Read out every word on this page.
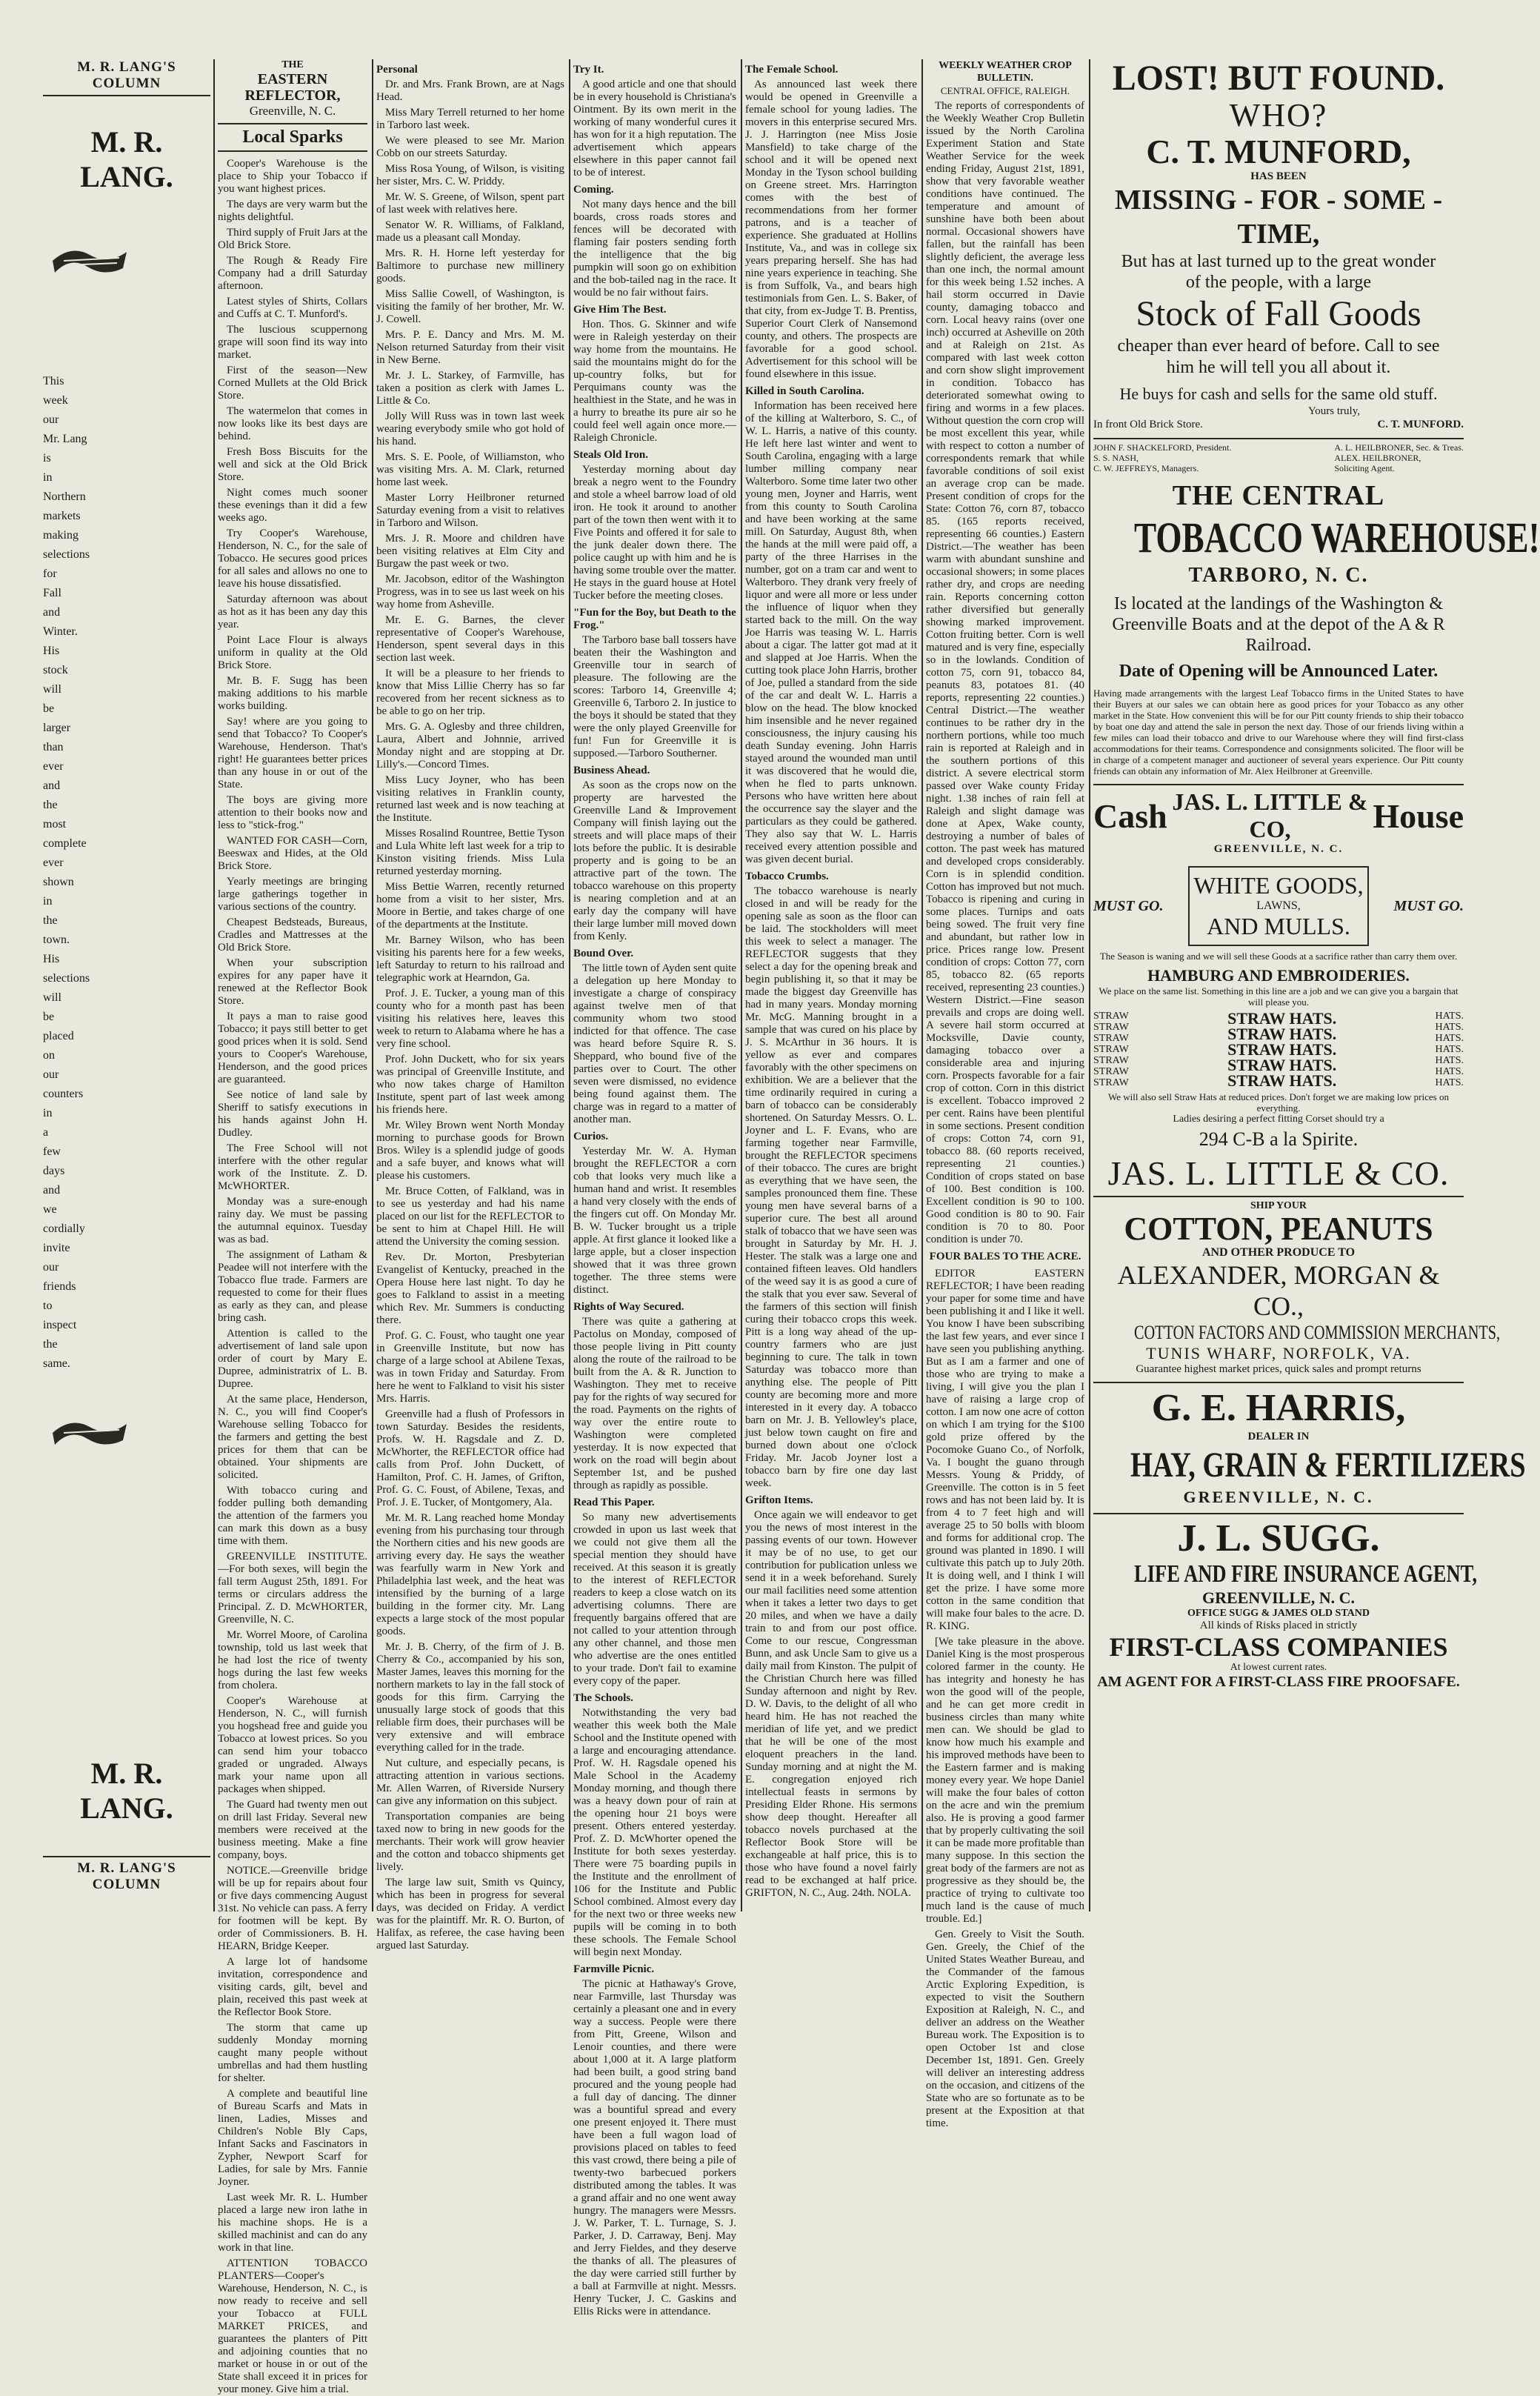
M. R. LANG'S COLUMN
M. R. LANG.
This
week
our
Mr. Lang
is
in
Northern
markets
making
selections
for
Fall
and
Winter.
His
stock
will
be
larger
than
ever
and
the
most
complete
ever
shown
in
the
town.
His
selections
will
be
placed
on
our
counters
in
a
few
days
and
we
cordially
invite
our
friends
to
inspect
the
same.
M. R. LANG.
M. R. LANG'S COLUMN
THE
EASTERN REFLECTOR,
Greenville, N. C.
Local Sparks

Cooper's Warehouse is the place to Ship your Tobacco if you want highest prices.

The days are very warm but the nights delightful.

Third supply of Fruit Jars at the Old Brick Store.

The Rough & Ready Fire Company had a drill Saturday afternoon.

Latest styles of Shirts, Collars and Cuffs at C. T. Munford's.

The luscious scuppernong grape will soon find its way into market.

First of the season—New Corned Mullets at the Old Brick Store.

The watermelon that comes in now looks like its best days are behind.

Fresh Boss Biscuits for the well and sick at the Old Brick Store.

Night comes much sooner these evenings than it did a few weeks ago.

Try Cooper's Warehouse, Henderson, N. C., for the sale of Tobacco. He secures good prices for all sales and allows no one to leave his house dissatisfied.

Saturday afternoon was about as hot as it has been any day this year.

Point Lace Flour is always uniform in quality at the Old Brick Store.

Mr. B. F. Sugg has been making additions to his marble works building.

Say! where are you going to send that Tobacco? To Cooper's Warehouse, Henderson. That's right! He guarantees better prices than any house in or out of the State.

The boys are giving more attention to their books now and less to "stick-frog."

WANTED FOR CASH—Corn, Beeswax and Hides, at the Old Brick Store.

Yearly meetings are bringing large gatherings together in various sections of the country.

Cheapest Bedsteads, Bureaus, Cradles and Mattresses at the Old Brick Store.

When your subscription expires for any paper have it renewed at the Reflector Book Store.

It pays a man to raise good Tobacco; it pays still better to get good prices when it is sold. Send yours to Cooper's Warehouse, Henderson, and the good prices are guaranteed.

See notice of land sale by Sheriff to satisfy executions in his hands against John H. Dudley.

The Free School will not interfere with the other regular work of the Institute. Z. D. McWHORTER.

Monday was a sure-enough rainy day. We must be passing the autumnal equinox. Tuesday was as bad.

The assignment of Latham & Peadee will not interfere with the Tobacco flue trade. Farmers are requested to come for their flues as early as they can, and please bring cash.

Attention is called to the advertisement of land sale upon order of court by Mary E. Dupree, administratrix of L. B. Dupree.

At the same place, Henderson, N. C., you will find Cooper's Warehouse selling Tobacco for the farmers and getting the best prices for them that can be obtained. Your shipments are solicited.

With tobacco curing and fodder pulling both demanding the attention of the farmers you can mark this down as a busy time with them.

GREENVILLE INSTITUTE.—For both sexes, will begin the fall term August 25th, 1891. For terms or circulars address the Principal. Z. D. McWHORTER, Greenville, N. C.

Mr. Worrel Moore, of Carolina township, told us last week that he had lost the rice of twenty hogs during the last few weeks from cholera.

Cooper's Warehouse at Henderson, N. C., will furnish you hogshead free and guide you Tobacco at lowest prices. So you can send him your tobacco graded or ungraded. Always mark your name upon all packages when shipped.

The Guard had twenty men out on drill last Friday. Several new members were received at the business meeting. Make a fine company, boys.

NOTICE.—Greenville bridge will be up for repairs about four or five days commencing August 31st. No vehicle can pass. A ferry for footmen will be kept. By order of Commissioners. B. H. HEARN, Bridge Keeper.

A large lot of handsome invitation, correspondence and visiting cards, gilt, bevel and plain, received this past week at the Reflector Book Store.

The storm that came up suddenly Monday morning caught many people without umbrellas and had them hustling for shelter.

A complete and beautiful line of Bureau Scarfs and Mats in linen, Ladies, Misses and Children's Noble Bly Caps, Infant Sacks and Fascinators in Zypher, Newport Scarf for Ladies, for sale by Mrs. Fannie Joyner.

Last week Mr. R. L. Humber placed a large new iron lathe in his machine shops. He is a skilled machinist and can do any work in that line.

ATTENTION TOBACCO PLANTERS—Cooper's Warehouse, Henderson, N. C., is now ready to receive and sell your Tobacco at FULL MARKET PRICES, and guarantees the planters of Pitt and adjoining counties that no market or house in or out of the State shall exceed it in prices for your money. Give him a trial.

Personal

Dr. and Mrs. Frank Brown, are at Nags Head.

Miss Mary Terrell returned to her home in Tarboro last week.

We were pleased to see Mr. Marion Cobb on our streets Saturday.

Miss Rosa Young, of Wilson, is visiting her sister, Mrs. C. W. Priddy.

Mr. W. S. Greene, of Wilson, spent part of last week with relatives here.

Senator W. R. Williams, of Falkland, made us a pleasant call Monday.

Mrs. R. H. Horne left yesterday for Baltimore to purchase new millinery goods.

Miss Sallie Cowell, of Washington, is visiting the family of her brother, Mr. W. J. Cowell.

Mrs. P. E. Dancy and Mrs. M. M. Nelson returned Saturday from their visit in New Berne.

Mr. J. L. Starkey, of Farmville, has taken a position as clerk with James L. Little & Co.

Jolly Will Russ was in town last week wearing everybody smile who got hold of his hand.

Mrs. S. E. Poole, of Williamston, who was visiting Mrs. A. M. Clark, returned home last week.

Master Lorry Heilbroner returned Saturday evening from a visit to relatives in Tarboro and Wilson.

Mrs. J. R. Moore and children have been visiting relatives at Elm City and Burgaw the past week or two.

Mr. Jacobson, editor of the Washington Progress, was in to see us last week on his way home from Asheville.

Mr. E. G. Barnes, the clever representative of Cooper's Warehouse, Henderson, spent several days in this section last week.

It will be a pleasure to her friends to know that Miss Lillie Cherry has so far recovered from her recent sickness as to be able to go on her trip.

Mrs. G. A. Oglesby and three children, Laura, Albert and Johnnie, arrived Monday night and are stopping at Dr. Lilly's.—Concord Times.

Miss Lucy Joyner, who has been visiting relatives in Franklin county, returned last week and is now teaching at the Institute.

Misses Rosalind Rountree, Bettie Tyson and Lula White left last week for a trip to Kinston visiting friends. Miss Lula returned yesterday morning.

Miss Bettie Warren, recently returned home from a visit to her sister, Mrs. Moore in Bertie, and takes charge of one of the departments at the Institute.

Mr. Barney Wilson, who has been visiting his parents here for a few weeks, left Saturday to return to his railroad and telegraphic work at Hearndon, Ga.

Prof. J. E. Tucker, a young man of this county who for a month past has been visiting his relatives here, leaves this week to return to Alabama where he has a very fine school.

Prof. John Duckett, who for six years was principal of Greenville Institute, and who now takes charge of Hamilton Institute, spent part of last week among his friends here.

Mr. Wiley Brown went North Monday morning to purchase goods for Brown Bros. Wiley is a splendid judge of goods and a safe buyer, and knows what will please his customers.

Mr. Bruce Cotten, of Falkland, was in to see us yesterday and had his name placed on our list for the REFLECTOR to be sent to him at Chapel Hill. He will attend the University the coming session.

Rev. Dr. Morton, Presbyterian Evangelist of Kentucky, preached in the Opera House here last night. To day he goes to Falkland to assist in a meeting which Rev. Mr. Summers is conducting there.

Prof. G. C. Foust, who taught one year in Greenville Institute, but now has charge of a large school at Abilene Texas, was in town Friday and Saturday. From here he went to Falkland to visit his sister Mrs. Harris.

Greenville had a flush of Professors in town Saturday. Besides the residents, Profs. W. H. Ragsdale and Z. D. McWhorter, the REFLECTOR office had calls from Prof. John Duckett, of Hamilton, Prof. C. H. James, of Grifton, Prof. G. C. Foust, of Abilene, Texas, and Prof. J. E. Tucker, of Montgomery, Ala.

Mr. M. R. Lang reached home Monday evening from his purchasing tour through the Northern cities and his new goods are arriving every day. He says the weather was fearfully warm in New York and Philadelphia last week, and the heat was intensified by the burning of a large building in the former city. Mr. Lang expects a large stock of the most popular goods.

Mr. J. B. Cherry, of the firm of J. B. Cherry & Co., accompanied by his son, Master James, leaves this morning for the northern markets to lay in the fall stock of goods for this firm. Carrying the unusually large stock of goods that this reliable firm does, their purchases will be very extensive and will embrace everything called for in the trade.

Nut culture, and especially pecans, is attracting attention in various sections. Mr. Allen Warren, of Riverside Nursery can give any information on this subject.

Transportation companies are being taxed now to bring in new goods for the merchants. Their work will grow heavier and the cotton and tobacco shipments get lively.

The large law suit, Smith vs Quincy, which has been in progress for several days, was decided on Friday. A verdict was for the plaintiff. Mr. R. O. Burton, of Halifax, as referee, the case having been argued last Saturday.

Try It.

A good article and one that should be in every household is Christiana's Ointment. By its own merit in the working of many wonderful cures it has won for it a high reputation. The advertisement which appears elsewhere in this paper cannot fail to be of interest.

Coming.

Not many days hence and the bill boards, cross roads stores and fences will be decorated with flaming fair posters sending forth the intelligence that the big pumpkin will soon go on exhibition and the bob-tailed nag in the race. It would be no fair without fairs.

Give Him The Best.

Hon. Thos. G. Skinner and wife were in Raleigh yesterday on their way home from the mountains. He said the mountains might do for the up-country folks, but for Perquimans county was the healthiest in the State, and he was in a hurry to breathe its pure air so he could feel well again once more.—Raleigh Chronicle.

Steals Old Iron.

Yesterday morning about day break a negro went to the Foundry and stole a wheel barrow load of old iron. He took it around to another part of the town then went with it to Five Points and offered it for sale to the junk dealer down there. The police caught up with him and he is having some trouble over the matter. He stays in the guard house at Hotel Tucker before the meeting closes.

"Fun for the Boy, but Death to the Frog."

The Tarboro base ball tossers have beaten their the Washington and Greenville tour in search of pleasure. The following are the scores: Tarboro 14, Greenville 4; Greenville 6, Tarboro 2. In justice to the boys it should be stated that they were the only played Greenville for fun! Fun for Greenville it is supposed.—Tarboro Southerner.

Business Ahead.

As soon as the crops now on the property are harvested the Greenville Land & Improvement Company will finish laying out the streets and will place maps of their lots before the public. It is desirable property and is going to be an attractive part of the town. The tobacco warehouse on this property is nearing completion and at an early day the company will have their large lumber mill moved down from Kenly.

Bound Over.

The little town of Ayden sent quite a delegation up here Monday to investigate a charge of conspiracy against twelve men of that community whom two stood indicted for that offence. The case was heard before Squire R. S. Sheppard, who bound five of the parties over to Court. The other seven were dismissed, no evidence being found against them. The charge was in regard to a matter of another man.

Curios.

Yesterday Mr. W. A. Hyman brought the REFLECTOR a corn cob that looks very much like a human hand and wrist. It resembles a hand very closely with the ends of the fingers cut off. On Monday Mr. B. W. Tucker brought us a triple apple. At first glance it looked like a large apple, but a closer inspection showed that it was three grown together. The three stems were distinct.

Rights of Way Secured.

There was quite a gathering at Pactolus on Monday, composed of those people living in Pitt county along the route of the railroad to be built from the A. & R. Junction to Washington. They met to receive pay for the rights of way secured for the road. Payments on the rights of way over the entire route to Washington were completed yesterday. It is now expected that work on the road will begin about September 1st, and be pushed through as rapidly as possible.

Read This Paper.

So many new advertisements crowded in upon us last week that we could not give them all the special mention they should have received. At this season it is greatly to the interest of REFLECTOR readers to keep a close watch on its advertising columns. There are frequently bargains offered that are not called to your attention through any other channel, and those men who advertise are the ones entitled to your trade. Don't fail to examine every copy of the paper.

The Schools.

Notwithstanding the very bad weather this week both the Male School and the Institute opened with a large and encouraging attendance. Prof. W. H. Ragsdale opened his Male School in the Academy Monday morning, and though there was a heavy down pour of rain at the opening hour 21 boys were present. Others entered yesterday. Prof. Z. D. McWhorter opened the Institute for both sexes yesterday. There were 75 boarding pupils in the Institute and the enrollment of 106 for the Institute and Public School combined. Almost every day for the next two or three weeks new pupils will be coming in to both these schools. The Female School will begin next Monday.

Farmville Picnic.

The picnic at Hathaway's Grove, near Farmville, last Thursday was certainly a pleasant one and in every way a success. People were there from Pitt, Greene, Wilson and Lenoir counties, and there were about 1,000 at it. A large platform had been built, a good string band procured and the young people had a full day of dancing. The dinner was a bountiful spread and every one present enjoyed it. There must have been a full wagon load of provisions placed on tables to feed this vast crowd, there being a pile of twenty-two barbecued porkers distributed among the tables. It was a grand affair and no one went away hungry. The managers were Messrs. J. W. Parker, T. L. Turnage, S. J. Parker, J. D. Carraway, Benj. May and Jerry Fieldes, and they deserve the thanks of all. The pleasures of the day were carried still further by a ball at Farmville at night. Messrs. Henry Tucker, J. C. Gaskins and Ellis Ricks were in attendance.

The Female School.

As announced last week there would be opened in Greenville a female school for young ladies. The movers in this enterprise secured Mrs. J. J. Harrington (nee Miss Josie Mansfield) to take charge of the school and it will be opened next Monday in the Tyson school building on Greene street. Mrs. Harrington comes with the best of recommendations from her former patrons, and is a teacher of experience. She graduated at Hollins Institute, Va., and was in college six years preparing herself. She has had nine years experience in teaching. She is from Suffolk, Va., and bears high testimonials from Gen. L. S. Baker, of that city, from ex-Judge T. B. Prentiss, Superior Court Clerk of Nansemond county, and others. The prospects are favorable for a good school. Advertisement for this school will be found elsewhere in this issue.

Killed in South Carolina.

Information has been received here of the killing at Walterboro, S. C., of W. L. Harris, a native of this county. He left here last winter and went to South Carolina, engaging with a large lumber milling company near Walterboro. Some time later two other young men, Joyner and Harris, went from this county to South Carolina and have been working at the same mill. On Saturday, August 8th, when the hands at the mill were paid off, a party of the three Harrises in the number, got on a tram car and went to Walterboro. They drank very freely of liquor and were all more or less under the influence of liquor when they started back to the mill. On the way Joe Harris was teasing W. L. Harris about a cigar. The latter got mad at it and slapped at Joe Harris. When the cutting took place John Harris, brother of Joe, pulled a standard from the side of the car and dealt W. L. Harris a blow on the head. The blow knocked him insensible and he never regained consciousness, the injury causing his death Sunday evening. John Harris stayed around the wounded man until it was discovered that he would die, when he fled to parts unknown. Persons who have written here about the occurrence say the slayer and the particulars as they could be gathered. They also say that W. L. Harris received every attention possible and was given decent burial.

Tobacco Crumbs.

The tobacco warehouse is nearly closed in and will be ready for the opening sale as soon as the floor can be laid. The stockholders will meet this week to select a manager. The REFLECTOR suggests that they select a day for the opening break and begin publishing it, so that it may be made the biggest day Greenville has had in many years. Monday morning Mr. McG. Manning brought in a sample that was cured on his place by J. S. McArthur in 36 hours. It is yellow as ever and compares favorably with the other specimens on exhibition. We are a believer that the time ordinarily required in curing a barn of tobacco can be considerably shortened. On Saturday Messrs. O. L. Joyner and L. F. Evans, who are farming together near Farmville, brought the REFLECTOR specimens of their tobacco. The cures are bright as everything that we have seen, the samples pronounced them fine. These young men have several barns of a superior cure. The best all around stalk of tobacco that we have seen was brought in Saturday by Mr. H. J. Hester. The stalk was a large one and contained fifteen leaves. Old handlers of the weed say it is as good a cure of the stalk that you ever saw. Several of the farmers of this section will finish curing their tobacco crops this week. Pitt is a long way ahead of the up-country farmers who are just beginning to cure. The talk in town Saturday was tobacco more than anything else. The people of Pitt county are becoming more and more interested in it every day. A tobacco barn on Mr. J. B. Yellowley's place, just below town caught on fire and burned down about one o'clock Friday. Mr. Jacob Joyner lost a tobacco barn by fire one day last week.

Grifton Items.

Once again we will endeavor to get you the news of most interest in the passing events of our town. However it may be of no use, to get our contribution for publication unless we send it in a week beforehand. Surely our mail facilities need some attention when it takes a letter two days to get 20 miles, and when we have a daily train to and from our post office. Come to our rescue, Congressman Bunn, and ask Uncle Sam to give us a daily mail from Kinston. The pulpit of the Christian Church here was filled Sunday afternoon and night by Rev. D. W. Davis, to the delight of all who heard him. He has not reached the meridian of life yet, and we predict that he will be one of the most eloquent preachers in the land. Sunday morning and at night the M. E. congregation enjoyed rich intellectual feasts in sermons by Presiding Elder Rhone. His sermons show deep thought. Hereafter all tobacco novels purchased at the Reflector Book Store will be exchangeable at half price, this is to those who have found a novel fairly read to be exchanged at half price. GRIFTON, N. C., Aug. 24th. NOLA.

WEEKLY WEATHER CROP BULLETIN.
CENTRAL OFFICE, RALEIGH.

The reports of correspondents of the Weekly Weather Crop Bulletin issued by the North Carolina Experiment Station and State Weather Service for the week ending Friday, August 21st, 1891, show that very favorable weather conditions have continued. The temperature and amount of sunshine have both been about normal. Occasional showers have fallen, but the rainfall has been slightly deficient, the average less than one inch, the normal amount for this week being 1.52 inches. A hail storm occurred in Davie county, damaging tobacco and corn. Local heavy rains (over one inch) occurred at Asheville on 20th and at Raleigh on 21st. As compared with last week cotton and corn show slight improvement in condition. Tobacco has deteriorated somewhat owing to firing and worms in a few places. Without question the corn crop will be most excellent this year, while with respect to cotton a number of correspondents remark that while favorable conditions of soil exist an average crop can be made. Present condition of crops for the State: Cotton 76, corn 87, tobacco 85. (165 reports received, representing 66 counties.) Eastern District.—The weather has been warm with abundant sunshine and occasional showers; in some places rather dry, and crops are needing rain. Reports concerning cotton rather diversified but generally showing marked improvement. Cotton fruiting better. Corn is well matured and is very fine, especially so in the lowlands. Condition of cotton 75, corn 91, tobacco 84, peanuts 83, potatoes 81. (40 reports, representing 22 counties.) Central District.—The weather continues to be rather dry in the northern portions, while too much rain is reported at Raleigh and in the southern portions of this district. A severe electrical storm passed over Wake county Friday night. 1.38 inches of rain fell at Raleigh and slight damage was done at Apex, Wake county, destroying a number of bales of cotton. The past week has matured and developed crops considerably. Corn is in splendid condition. Cotton has improved but not much. Tobacco is ripening and curing in some places. Turnips and oats being sowed. The fruit very fine and abundant, but rather low in price. Prices range low. Present condition of crops: Cotton 77, corn 85, tobacco 82. (65 reports received, representing 23 counties.) Western District.—Fine season prevails and crops are doing well. A severe hail storm occurred at Mocksville, Davie county, damaging tobacco over a considerable area and injuring corn. Prospects favorable for a fair crop of cotton. Corn in this district is excellent. Tobacco improved 2 per cent. Rains have been plentiful in some sections. Present condition of crops: Cotton 74, corn 91, tobacco 88. (60 reports received, representing 21 counties.) Condition of crops stated on base of 100. Best condition is 100. Excellent condition is 90 to 100. Good condition is 80 to 90. Fair condition is 70 to 80. Poor condition is under 70.

FOUR BALES TO THE ACRE.

EDITOR EASTERN REFLECTOR; I have been reading your paper for some time and have been publishing it and I like it well. You know I have been subscribing the last few years, and ever since I have seen you publishing anything. But as I am a farmer and one of those who are trying to make a living, I will give you the plan I have of raising a large crop of cotton. I am now one acre of cotton on which I am trying for the $100 gold prize offered by the Pocomoke Guano Co., of Norfolk, Va. I bought the guano through Messrs. Young & Priddy, of Greenville. The cotton is in 5 feet rows and has not been laid by. It is from 4 to 7 feet high and will average 25 to 50 bolls with bloom and forms for additional crop. The ground was planted in 1890. I will cultivate this patch up to July 20th. It is doing well, and I think I will get the prize. I have some more cotton in the same condition that will make four bales to the acre. D. R. KING.

[We take pleasure in the above. Daniel King is the most prosperous colored farmer in the county. He has integrity and honesty he has won the good will of the people, and he can get more credit in business circles than many white men can. We should be glad to know how much his example and his improved methods have been to the Eastern farmer and is making money every year. We hope Daniel will make the four bales of cotton on the acre and win the premium also. He is proving a good farmer that by properly cultivating the soil it can be made more profitable than many suppose. In this section the great body of the farmers are not as progressive as they should be, the practice of trying to cultivate too much land is the cause of much trouble. Ed.]

Gen. Greely to Visit the South. Gen. Greely, the Chief of the United States Weather Bureau, and the Commander of the famous Arctic Exploring Expedition, is expected to visit the Southern Exposition at Raleigh, N. C., and deliver an address on the Weather Bureau work. The Exposition is to open October 1st and close December 1st, 1891. Gen. Greely will deliver an interesting address on the occasion, and citizens of the State who are so fortunate as to be present at the Exposition at that time.

LOST! BUT FOUND.
WHO?
C. T. MUNFORD,
HAS BEEN
MISSING - FOR - SOME - TIME,
But has at last turned up to the great wonder
of the people, with a large
Stock of Fall Goods
cheaper than ever heard of before. Call to see
him he will tell you all about it.
He buys for cash and sells for the same old stuff.
Yours truly,
In front Old Brick Store.	C. T. MUNFORD.
JOHN F. SHACKELFORD, President.
S. S. NASH,
C. W. JEFFREYS, Managers.
A. L. HEILBRONER, Sec. & Treas.
ALEX. HEILBRONER,
Soliciting Agent.
THE CENTRAL
TOBACCO WAREHOUSE!
TARBORO, N. C.
Is located at the landings of the Washington & Greenville Boats and at the depot of the A & R Railroad.
Date of Opening will be Announced Later.
Having made arrangements with the largest Leaf Tobacco firms in the United States to have their Buyers at our sales we can obtain here as good prices for your Tobacco as any other market in the State. How convenient this will be for our Pitt county friends to ship their tobacco by boat one day and attend the sale in person the next day. Those of our friends living within a few miles can load their tobacco and drive to our Warehouse where they will find first-class accommodations for their teams. Correspondence and consignments solicited. The floor will be in charge of a competent manager and auctioneer of several years experience. Our Pitt county friends can obtain any information of Mr. Alex Heilbroner at Greenville.
Cash JAS. L. LITTLE & CO,	House
GREENVILLE, N. C.
MUST GO.
WHITE GOODS,
LAWNS,
AND MULLS.
MUST GO.
The Season is waning and we will sell these Goods at a sacrifice rather than carry them over.
HAMBURG AND EMBROIDERIES.
We place on the same list. Something in this line are a job and we can give you a bargain that will please you.
STRAW
STRAW
STRAW
STRAW
STRAW
STRAW
STRAW
STRAW HATS.
STRAW HATS.
STRAW HATS.
STRAW HATS.
STRAW HATS.
HATS.
HATS.
HATS.
HATS.
HATS.
HATS.
HATS.
We will also sell Straw Hats at reduced prices. Don't forget we are making low prices on everything.
Ladies desiring a perfect fitting Corset should try a
294 C-B a la Spirite.
JAS. L. LITTLE & CO.
SHIP YOUR
COTTON, PEANUTS
AND OTHER PRODUCE TO
ALEXANDER, MORGAN & CO.,
COTTON FACTORS AND COMMISSION MERCHANTS,
TUNIS WHARF, NORFOLK, VA.
Guarantee highest market prices, quick sales and prompt returns
G. E. HARRIS,
DEALER IN
HAY, GRAIN & FERTILIZERS
GREENVILLE, N. C.
J. L. SUGG.
LIFE AND FIRE INSURANCE AGENT,
GREENVILLE, N. C.
OFFICE SUGG & JAMES OLD STAND
All kinds of Risks placed in strictly
FIRST-CLASS COMPANIES
At lowest current rates.
AM AGENT FOR A FIRST-CLASS FIRE PROOFSAFE.
